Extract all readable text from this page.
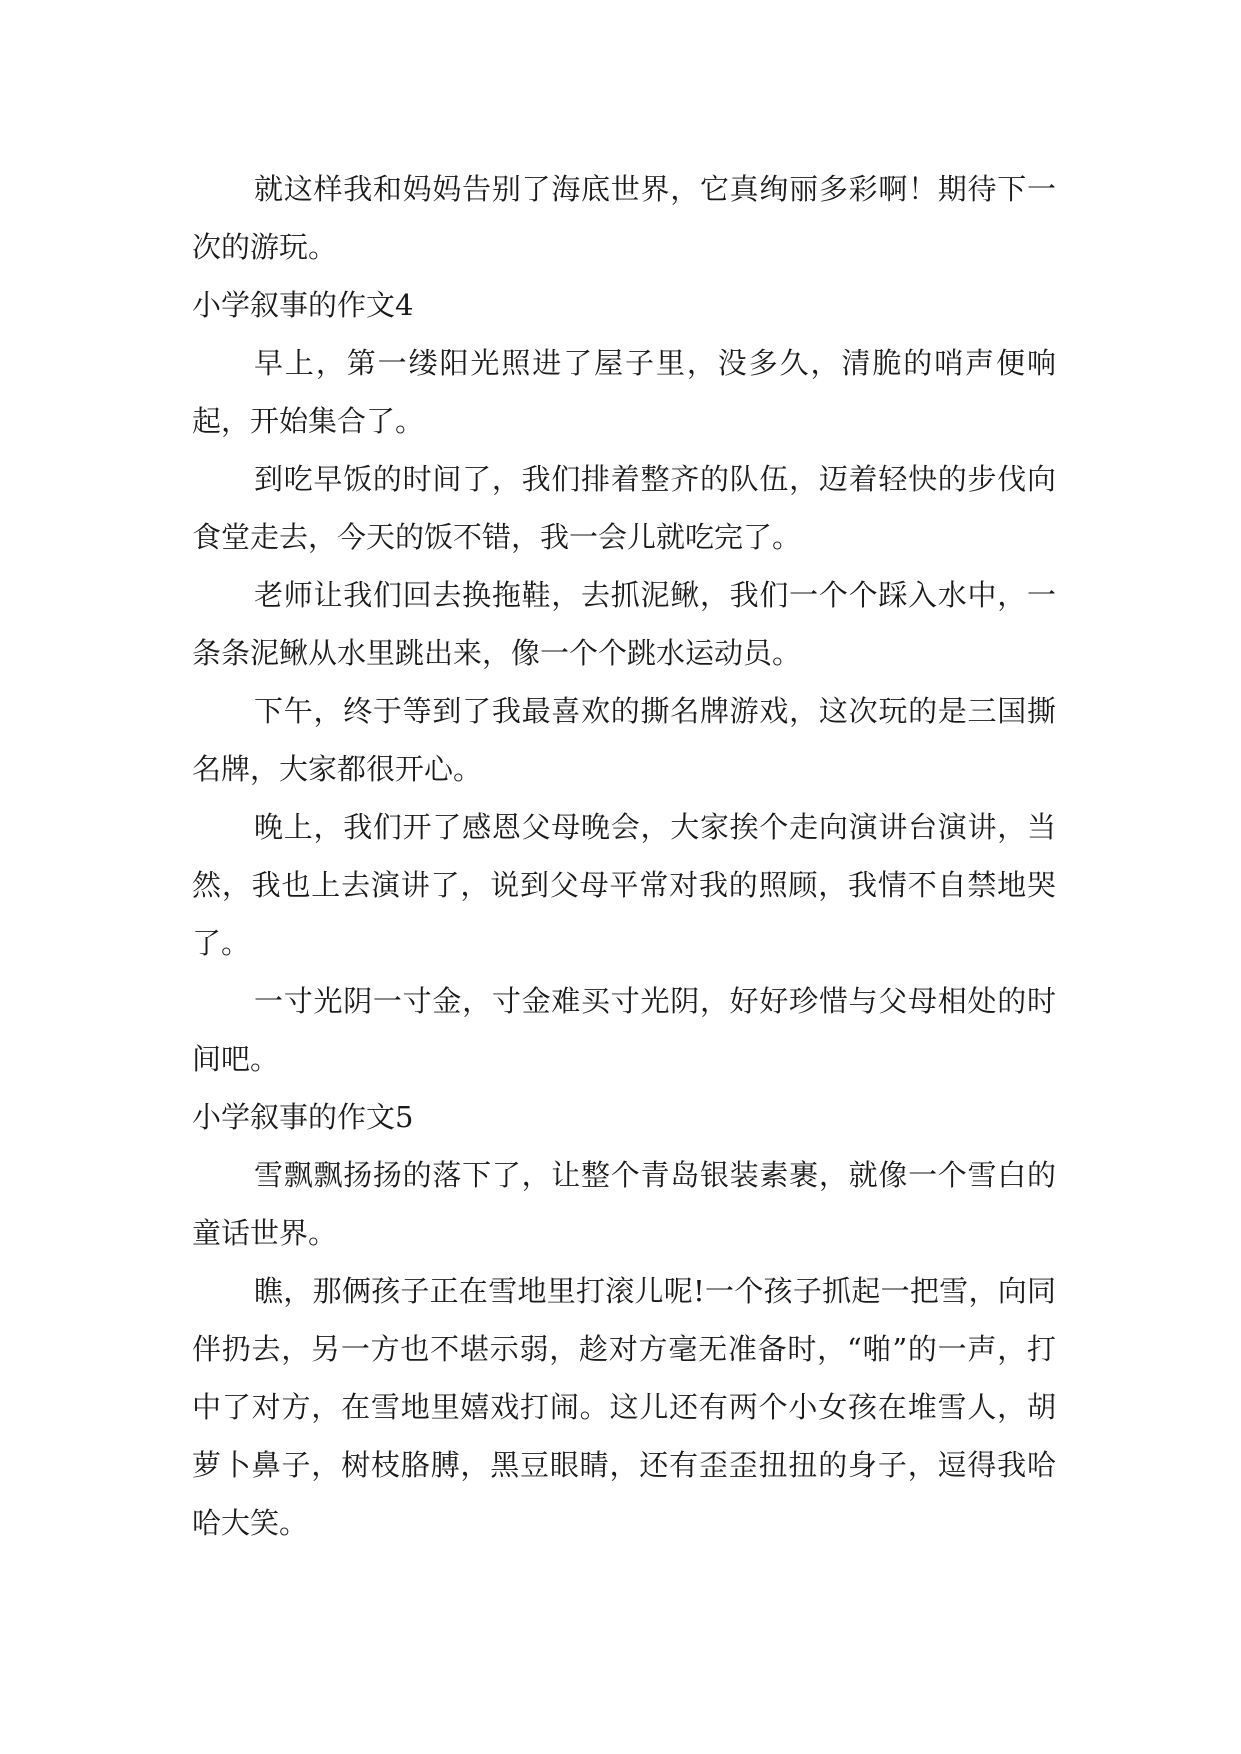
就这样我和妈妈告别了海底世界，它真绚丽多彩啊！期待下一次的游玩。

小学叙事的作文4

早上，第一缕阳光照进了屋子里，没多久，清脆的哨声便响起，开始集合了。

到吃早饭的时间了，我们排着整齐的队伍，迈着轻快的步伐向食堂走去，今天的饭不错，我一会儿就吃完了。

老师让我们回去换拖鞋，去抓泥鳅，我们一个个踩入水中，一条条泥鳅从水里跳出来，像一个个跳水运动员。

下午，终于等到了我最喜欢的撕名牌游戏，这次玩的是三国撕名牌，大家都很开心。

晚上，我们开了感恩父母晚会，大家挨个走向演讲台演讲，当然，我也上去演讲了，说到父母平常对我的照顾，我情不自禁地哭了。

一寸光阴一寸金，寸金难买寸光阴，好好珍惜与父母相处的时间吧。

小学叙事的作文5

雪飘飘扬扬的落下了，让整个青岛银装素裹，就像一个雪白的童话世界。

瞧，那俩孩子正在雪地里打滚儿呢!一个孩子抓起一把雪，向同伴扔去，另一方也不堪示弱，趁对方毫无准备时，“啪”的一声，打中了对方，在雪地里嬉戏打闹。这儿还有两个小女孩在堆雪人，胡萝卜鼻子，树枝胳膊，黑豆眼睛，还有歪歪扭扭的身子，逗得我哈哈大笑。
